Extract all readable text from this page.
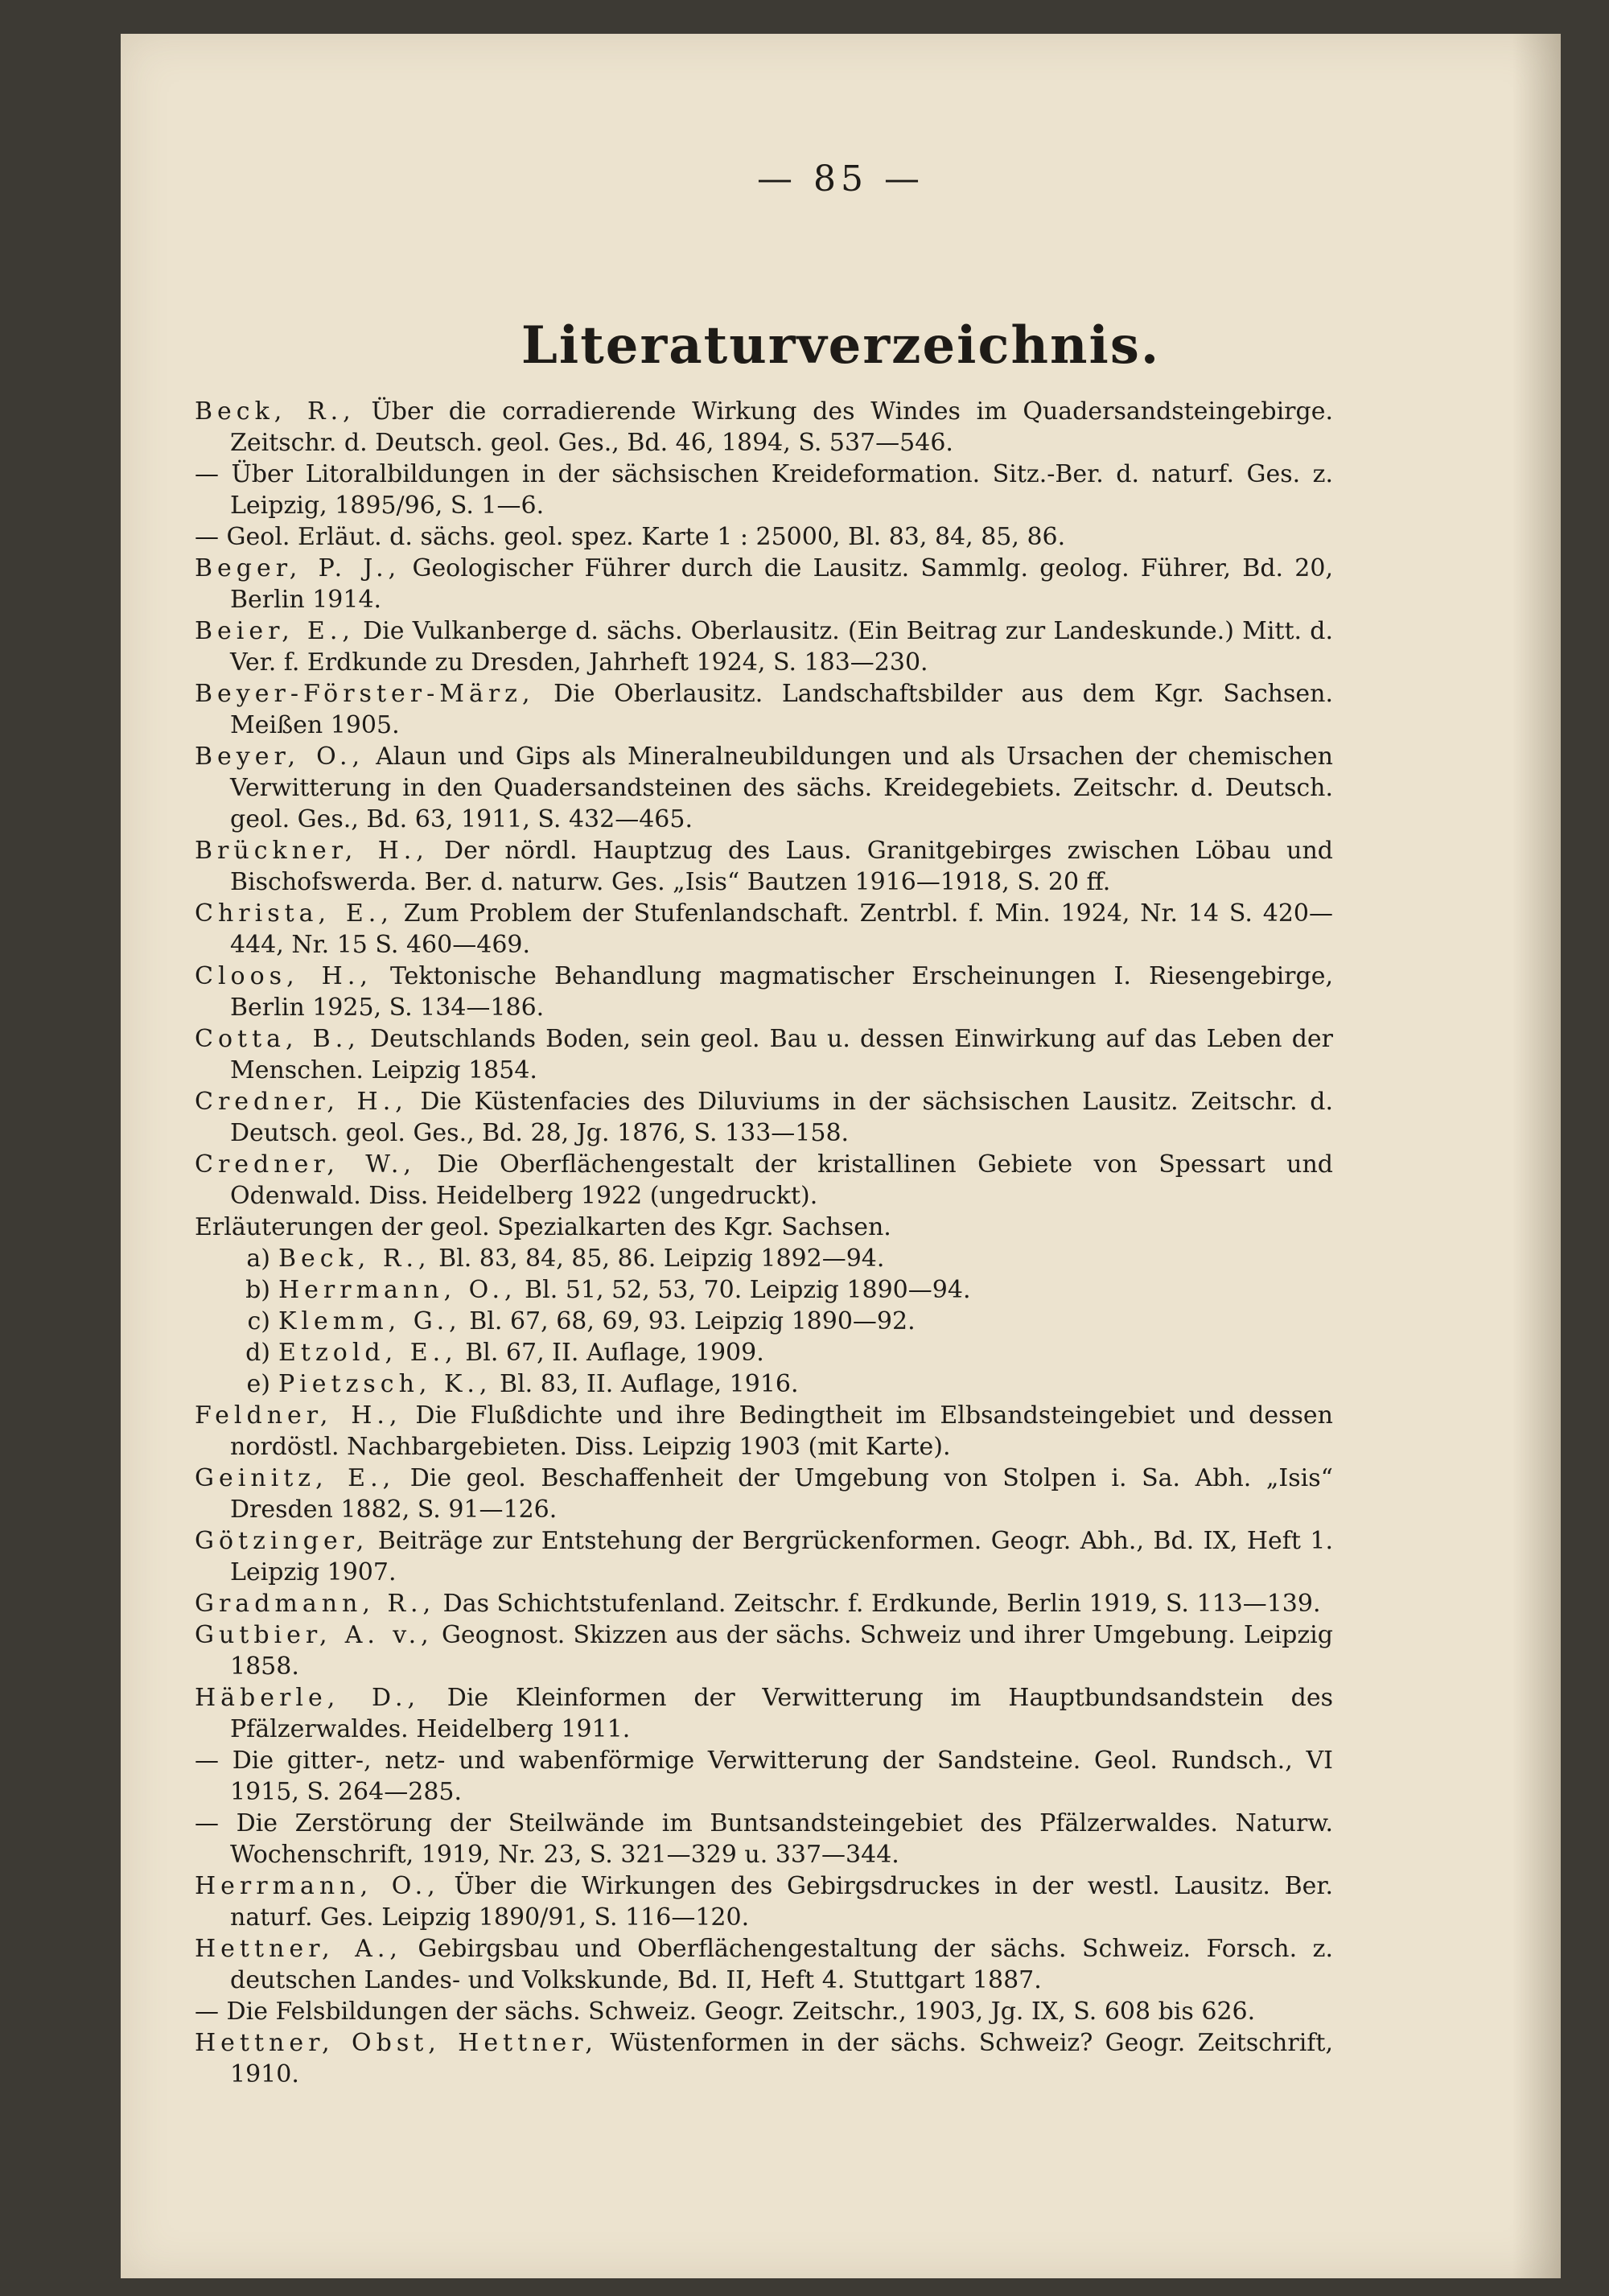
— 85 —
Literaturverzeichnis.

Beck, R., Über die corradierende Wirkung des Windes im Quadersandsteingebirge. Zeitschr. d. Deutsch. geol. Ges., Bd. 46, 1894, S. 537—546.

— Über Litoralbildungen in der sächsischen Kreideformation. Sitz.-Ber. d. naturf. Ges. z. Leipzig, 1895/96, S. 1—6.

— Geol. Erläut. d. sächs. geol. spez. Karte 1 : 25000, Bl. 83, 84, 85, 86.

Beger, P. J., Geologischer Führer durch die Lausitz. Sammlg. geolog. Führer, Bd. 20, Berlin 1914.

Beier, E., Die Vulkanberge d. sächs. Oberlausitz. (Ein Beitrag zur Landeskunde.) Mitt. d. Ver. f. Erdkunde zu Dresden, Jahrheft 1924, S. 183—230.

Beyer-Förster-März, Die Oberlausitz. Landschaftsbilder aus dem Kgr. Sachsen. Meißen 1905.

Beyer, O., Alaun und Gips als Mineralneubildungen und als Ursachen der chemischen Verwitterung in den Quadersandsteinen des sächs. Kreidegebiets. Zeitschr. d. Deutsch. geol. Ges., Bd. 63, 1911, S. 432—465.

Brückner, H., Der nördl. Hauptzug des Laus. Granitgebirges zwischen Löbau und Bischofswerda. Ber. d. naturw. Ges. „Isis“ Bautzen 1916—1918, S. 20 ff.

Christa, E., Zum Problem der Stufenlandschaft. Zentrbl. f. Min. 1924, Nr. 14 S. 420—444, Nr. 15 S. 460—469.

Cloos, H., Tektonische Behandlung magmatischer Erscheinungen I. Riesengebirge, Berlin 1925, S. 134—186.

Cotta, B., Deutschlands Boden, sein geol. Bau u. dessen Einwirkung auf das Leben der Menschen. Leipzig 1854.

Credner, H., Die Küstenfacies des Diluviums in der sächsischen Lausitz. Zeitschr. d. Deutsch. geol. Ges., Bd. 28, Jg. 1876, S. 133—158.

Credner, W., Die Oberflächengestalt der kristallinen Gebiete von Spessart und Odenwald. Diss. Heidelberg 1922 (ungedruckt).

Erläuterungen der geol. Spezialkarten des Kgr. Sachsen.

a) Beck, R., Bl. 83, 84, 85, 86. Leipzig 1892—94.

b) Herrmann, O., Bl. 51, 52, 53, 70. Leipzig 1890—94.

c) Klemm, G., Bl. 67, 68, 69, 93. Leipzig 1890—92.

d) Etzold, E., Bl. 67, II. Auflage, 1909.

e) Pietzsch, K., Bl. 83, II. Auflage, 1916.

Feldner, H., Die Flußdichte und ihre Bedingtheit im Elbsandsteingebiet und dessen nordöstl. Nachbargebieten. Diss. Leipzig 1903 (mit Karte).

Geinitz, E., Die geol. Beschaffenheit der Umgebung von Stolpen i. Sa. Abh. „Isis“ Dresden 1882, S. 91—126.

Götzinger, Beiträge zur Entstehung der Bergrückenformen. Geogr. Abh., Bd. IX, Heft 1. Leipzig 1907.

Gradmann, R., Das Schichtstufenland. Zeitschr. f. Erdkunde, Berlin 1919, S. 113—139.

Gutbier, A. v., Geognost. Skizzen aus der sächs. Schweiz und ihrer Umgebung. Leipzig 1858.

Häberle, D., Die Kleinformen der Verwitterung im Hauptbundsandstein des Pfälzerwaldes. Heidelberg 1911.

— Die gitter-, netz- und wabenförmige Verwitterung der Sandsteine. Geol. Rundsch., VI 1915, S. 264—285.

— Die Zerstörung der Steilwände im Buntsandsteingebiet des Pfälzerwaldes. Naturw. Wochenschrift, 1919, Nr. 23, S. 321—329 u. 337—344.

Herrmann, O., Über die Wirkungen des Gebirgsdruckes in der westl. Lausitz. Ber. naturf. Ges. Leipzig 1890/91, S. 116—120.

Hettner, A., Gebirgsbau und Oberflächengestaltung der sächs. Schweiz. Forsch. z. deutschen Landes- und Volkskunde, Bd. II, Heft 4. Stuttgart 1887.

— Die Felsbildungen der sächs. Schweiz. Geogr. Zeitschr., 1903, Jg. IX, S. 608 bis 626.

Hettner, Obst, Hettner, Wüstenformen in der sächs. Schweiz? Geogr. Zeitschrift, 1910.
